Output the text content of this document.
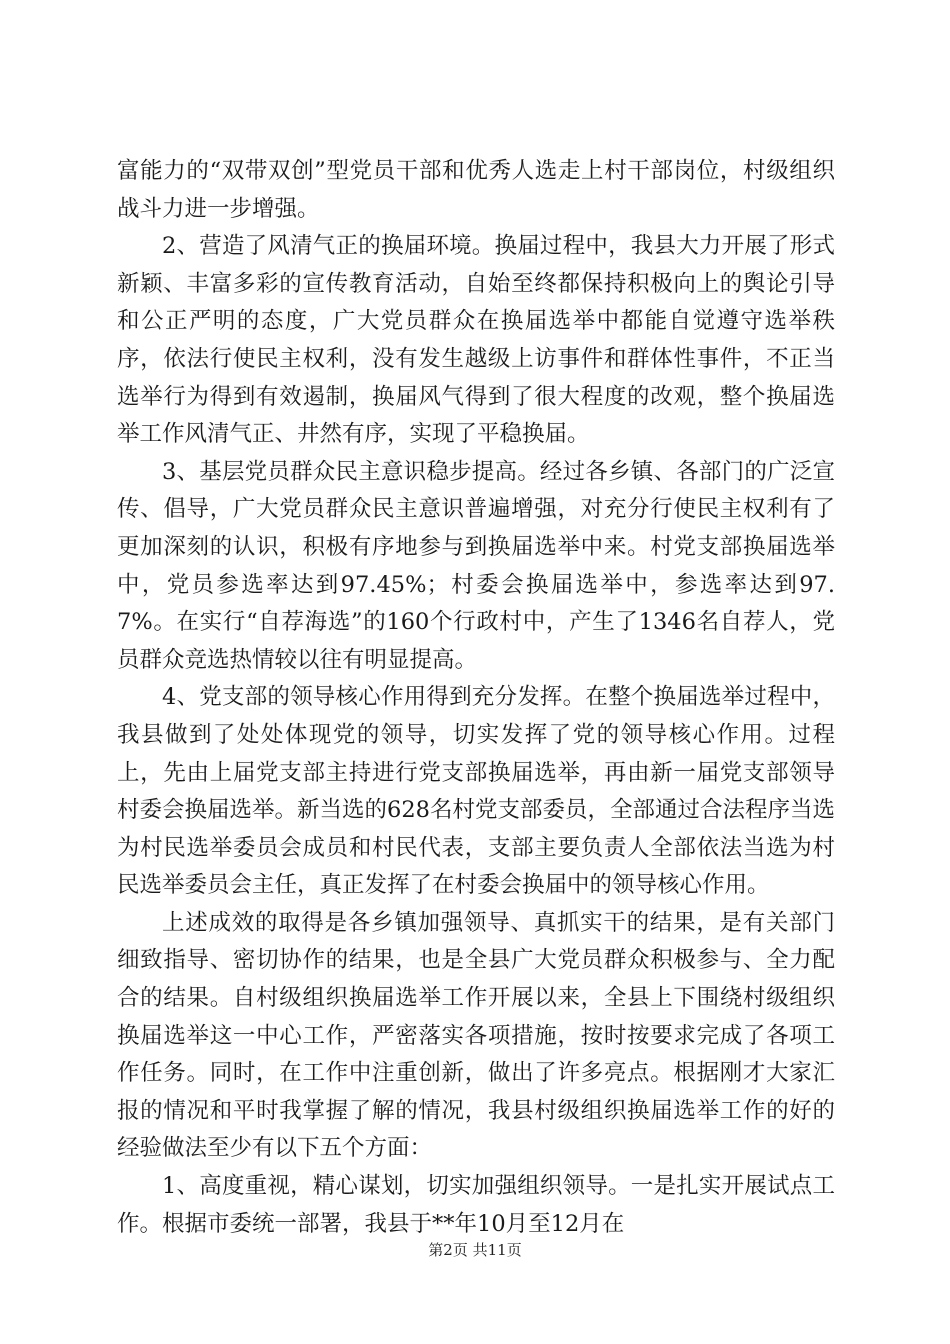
富能力的“双带双创”型党员干部和优秀人选走上村干部岗位，村级组织战斗力进一步增强。

2、营造了风清气正的换届环境。换届过程中，我县大力开展了形式新颖、丰富多彩的宣传教育活动，自始至终都保持积极向上的舆论引导和公正严明的态度，广大党员群众在换届选举中都能自觉遵守选举秩序，依法行使民主权利，没有发生越级上访事件和群体性事件，不正当选举行为得到有效遏制，换届风气得到了很大程度的改观，整个换届选举工作风清气正、井然有序，实现了平稳换届。

3、基层党员群众民主意识稳步提高。经过各乡镇、各部门的广泛宣传、倡导，广大党员群众民主意识普遍增强，对充分行使民主权利有了更加深刻的认识，积极有序地参与到换届选举中来。村党支部换届选举中，党员参选率达到97.45%；村委会换届选举中，参选率达到97.7%。在实行“自荐海选”的160个行政村中，产生了1346名自荐人，党员群众竞选热情较以往有明显提高。

4、党支部的领导核心作用得到充分发挥。在整个换届选举过程中，我县做到了处处体现党的领导，切实发挥了党的领导核心作用。过程上，先由上届党支部主持进行党支部换届选举，再由新一届党支部领导村委会换届选举。新当选的628名村党支部委员，全部通过合法程序当选为村民选举委员会成员和村民代表，支部主要负责人全部依法当选为村民选举委员会主任，真正发挥了在村委会换届中的领导核心作用。

上述成效的取得是各乡镇加强领导、真抓实干的结果，是有关部门细致指导、密切协作的结果，也是全县广大党员群众积极参与、全力配合的结果。自村级组织换届选举工作开展以来，全县上下围绕村级组织换届选举这一中心工作，严密落实各项措施，按时按要求完成了各项工作任务。同时，在工作中注重创新，做出了许多亮点。根据刚才大家汇报的情况和平时我掌握了解的情况，我县村级组织换届选举工作的好的经验做法至少有以下五个方面：

1、高度重视，精心谋划，切实加强组织领导。一是扎实开展试点工作。根据市委统一部署，我县于**年10月至12月在

第2页 共11页
